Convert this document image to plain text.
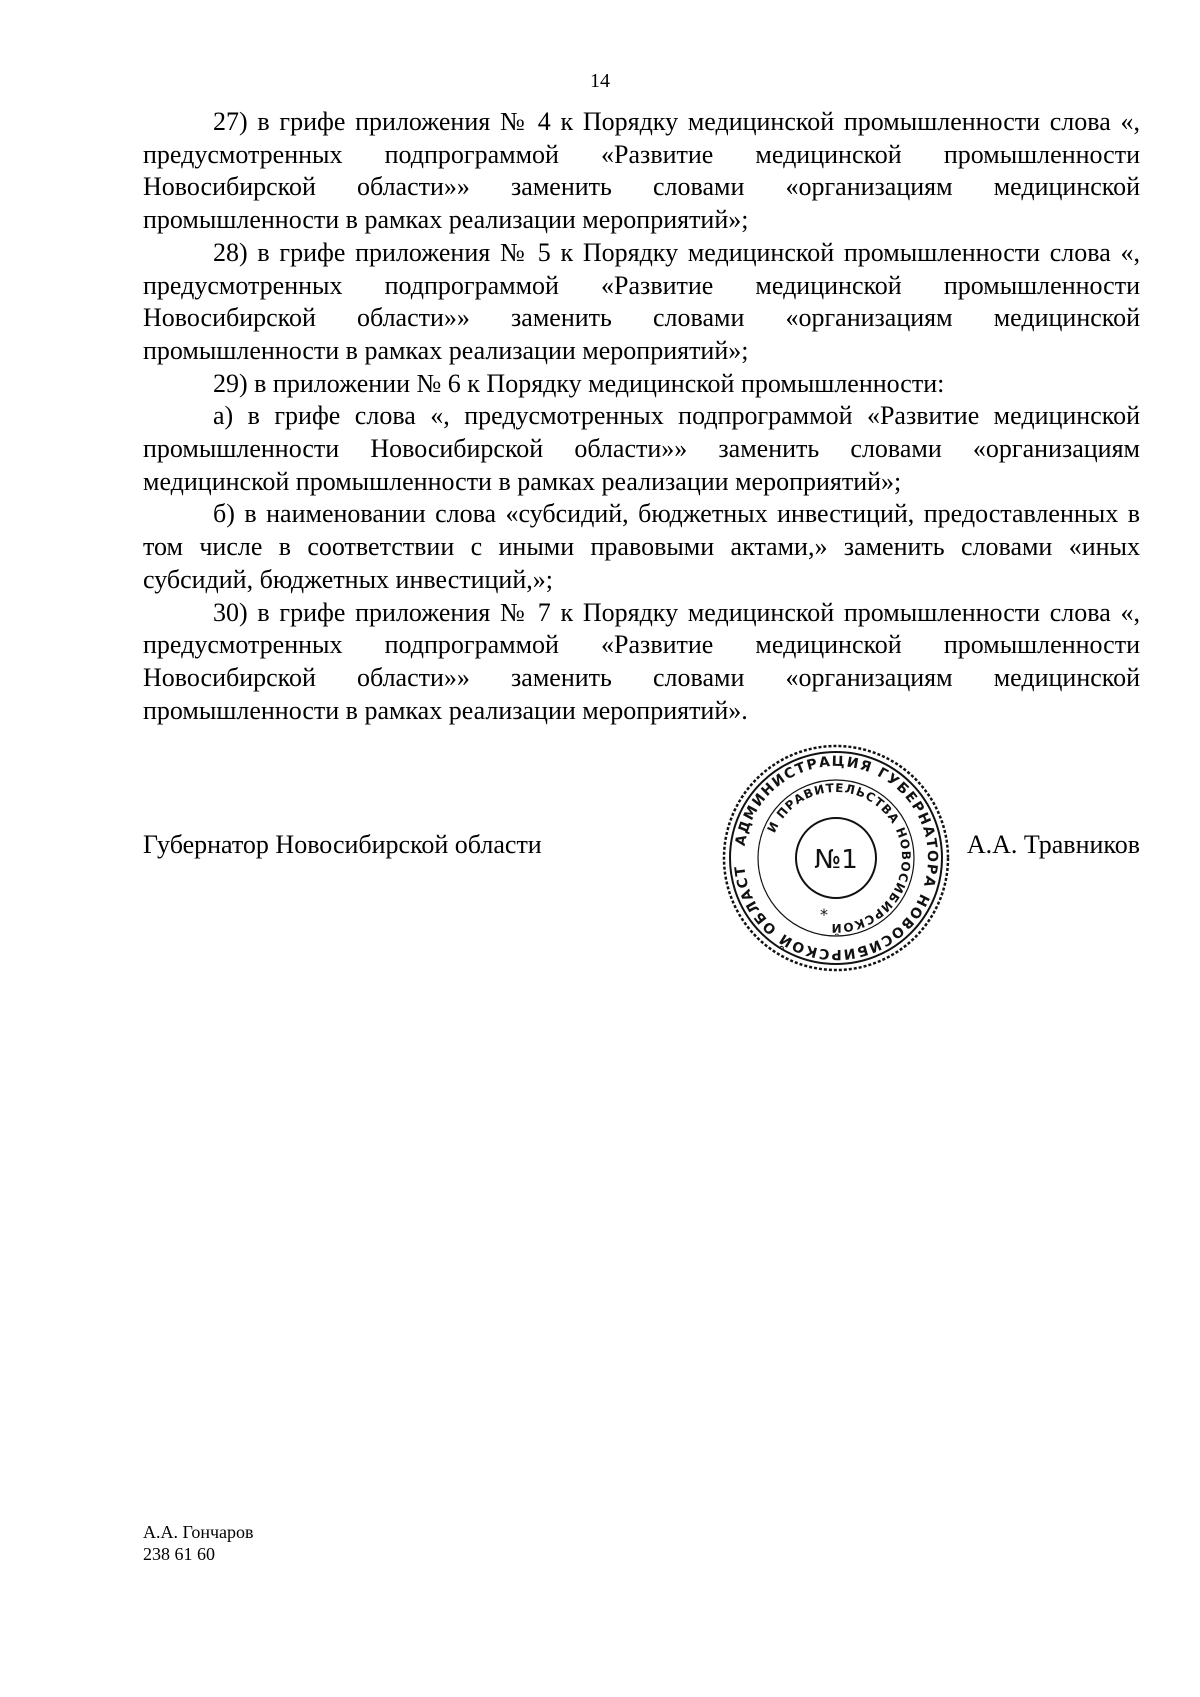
14

27) в грифе приложения № 4 к Порядку медицинской промышленности слова «, предусмотренных подпрограммой «Развитие медицинской промышленности Новосибирской области»» заменить словами «организациям медицинской промышленности в рамках реализации мероприятий»;

28) в грифе приложения № 5 к Порядку медицинской промышленности слова «, предусмотренных подпрограммой «Развитие медицинской промышленности Новосибирской области»» заменить словами «организациям медицинской промышленности в рамках реализации мероприятий»;

29) в приложении № 6 к Порядку медицинской промышленности:

а) в грифе слова «, предусмотренных подпрограммой «Развитие медицинской промышленности Новосибирской области»» заменить словами «организациям медицинской промышленности в рамках реализации мероприятий»;

б) в наименовании слова «субсидий, бюджетных инвестиций, предоставленных в том числе в соответствии с иными правовыми актами,» заменить словами «иных субсидий, бюджетных инвестиций,»;

30) в грифе приложения № 7 к Порядку медицинской промышленности слова «, предусмотренных подпрограммой «Развитие медицинской промышленности Новосибирской области»» заменить словами «организациям медицинской промышленности в рамках реализации мероприятий».

Губернатор Новосибирской области	А.А. Травников
АДМИНИСТРАЦИЯ ГУБЕРНАТОРА НОВОСИБИРСКОЙ ОБЛАСТ
И ПРАВИТЕЛЬСТВА НОВОСИБИРСКОЙ
№1
*
А.А. Гончаров
238 61 60
